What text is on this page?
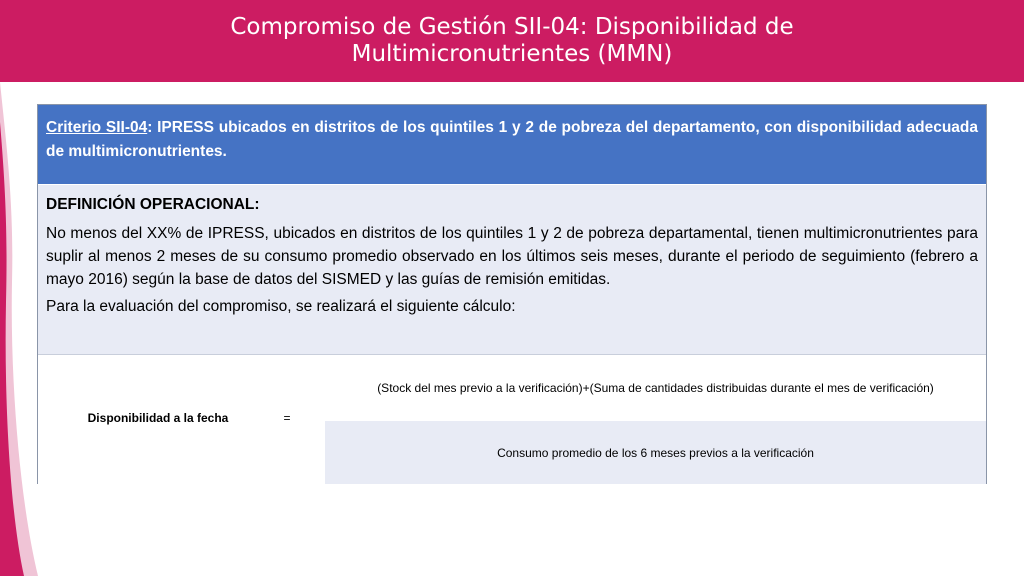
Compromiso de Gestión SII-04: Disponibilidad de
Multimicronutrientes (MMN)
Criterio SII-04: IPRESS ubicados en distritos de los quintiles 1 y 2 de pobreza del departamento, con disponibilidad adecuada de multimicronutrientes.

DEFINICIÓN OPERACIONAL:

No menos del XX% de IPRESS, ubicados en distritos de los quintiles 1 y 2 de pobreza departamental, tienen multimicronutrientes para suplir al menos 2 meses de su consumo promedio observado en los últimos seis meses, durante el periodo de seguimiento (febrero a mayo 2016) según la base de datos del SISMED y las guías de remisión emitidas.

Para la evaluación del compromiso, se realizará el siguiente cálculo:

Disponibilidad a la fecha	=
(Stock del mes previo a la verificación)+(Suma de cantidades distribuidas durante el mes de verificación)
Consumo promedio de los 6 meses previos a la verificación
